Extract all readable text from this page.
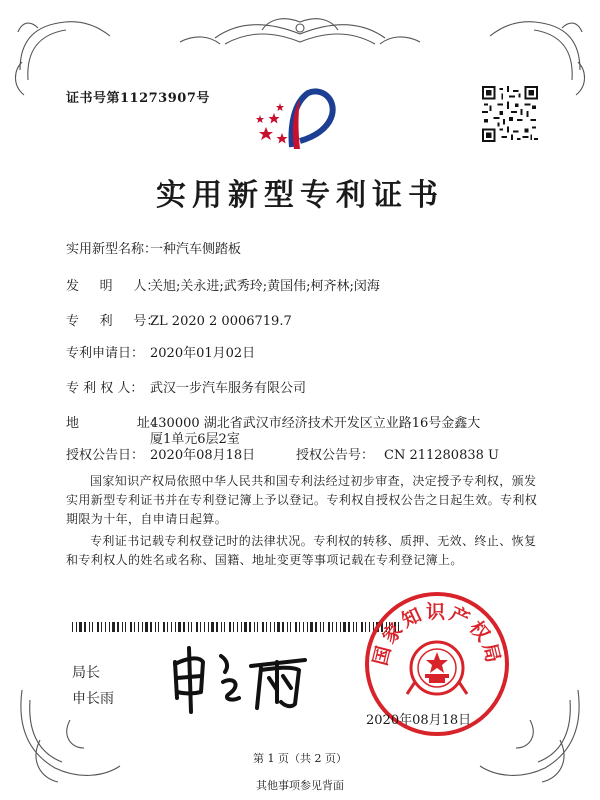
证书号第11273907号
实用新型专利证书
实用新型名称：
一种汽车侧踏板
发     明     人：
关旭;关永进;武秀玲;黄国伟;柯齐林;闵海
专     利     号：
ZL 2020 2 0006719.7
专利申请日： 2020年01月02日
专 利 权 人： 武汉一步汽车服务有限公司
地              址：
430000 湖北省武汉市经济技术开发区立业路16号金鑫大
厦1单元6层2室
授权公告日： 2020年08月18日	授权公告号： CN 211280838 U
国家知识产权局依照中华人民共和国专利法经过初步审查，决定授予专利权，颁发实用新型专利证书并在专利登记簿上予以登记。专利权自授权公告之日起生效。专利权期限为十年，自申请日起算。
专利证书记载专利权登记时的法律状况。专利权的转移、质押、无效、终止、恢复和专利权人的姓名或名称、国籍、地址变更等事项记载在专利登记簿上。
局长
申长雨
国家知识产权局
2020年08月18日
第 1 页（共 2 页）
其他事项参见背面
